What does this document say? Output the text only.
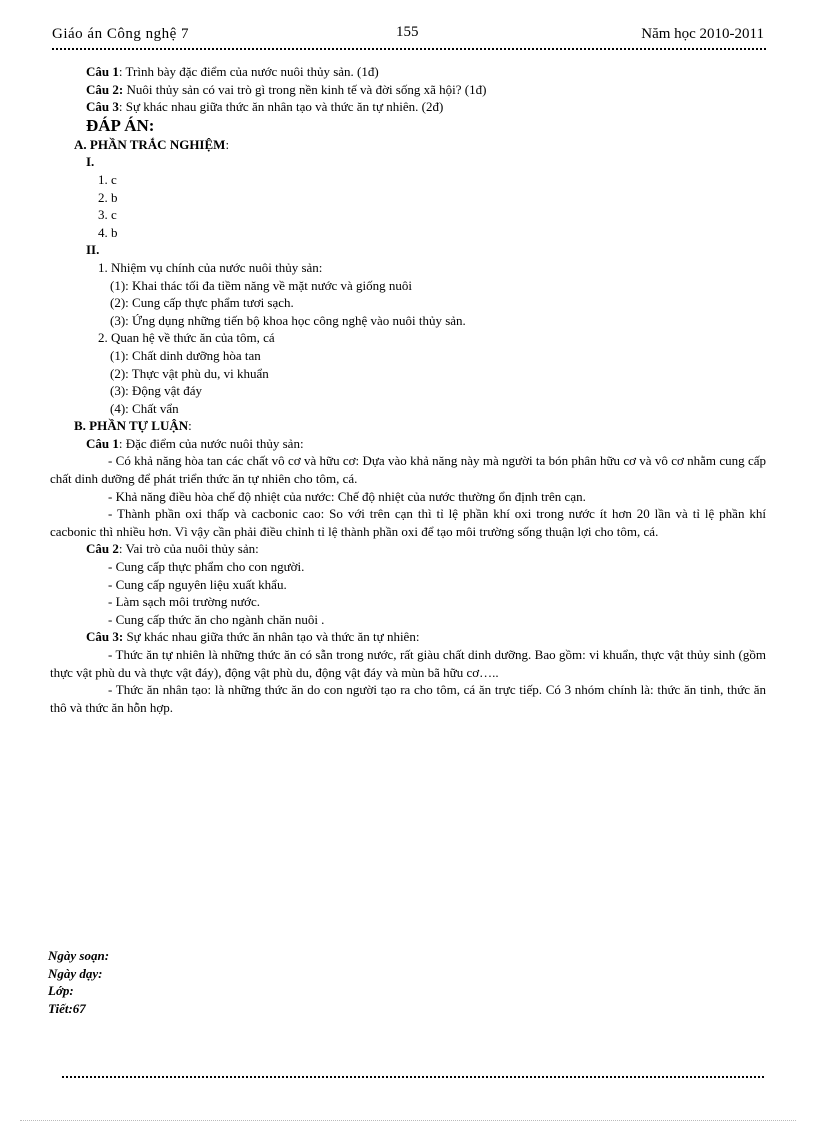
Giáo án Công nghệ 7	155	Năm học 2010-2011

Câu 1: Trình bày đặc điểm của nước nuôi thủy sản. (1đ)

Câu 2: Nuôi thủy sản có vai trò gì trong nền kinh tế và đời sống xã hội? (1đ)

Câu 3: Sự khác nhau giữa thức ăn nhân tạo và thức ăn tự nhiên. (2đ)

ĐÁP ÁN:

A. PHẦN TRẮC NGHIỆM:

I.

1. c

2. b

3. c

4. b

II.

1. Nhiệm vụ chính của nước nuôi thủy sản:

(1): Khai thác tối đa tiềm năng về mặt nước và giống nuôi

(2): Cung cấp thực phẩm tươi sạch.

(3): Ứng dụng những tiến bộ khoa học công nghệ vào nuôi thủy sản.

2. Quan hệ về thức ăn của tôm, cá

(1): Chất dinh dưỡng hòa tan

(2): Thực vật phù du, vi khuẩn

(3): Động vật đáy

(4): Chất vẩn

B. PHẦN TỰ LUẬN:

Câu 1: Đặc điểm của nước nuôi thủy sản:

- Có khả năng hòa tan các chất vô cơ và hữu cơ: Dựa vào khả năng này mà người ta bón phân hữu cơ và vô cơ nhằm cung cấp chất dinh dưỡng để phát triển thức ăn tự nhiên cho tôm, cá.

- Khả năng điều hòa chế độ nhiệt của nước: Chế độ nhiệt của nước thường ổn định trên cạn.

- Thành phần oxi thấp và cacbonic cao: So với trên cạn thì tỉ lệ phần khí oxi trong nước ít hơn 20 lần và tỉ lệ phần khí cacbonic thì nhiều hơn. Vì vậy cần phải điều chỉnh tỉ lệ thành phần oxi để tạo môi trường sống thuận lợi cho tôm, cá.

Câu 2: Vai trò của nuôi thủy sản:

- Cung cấp thực phẩm cho con người.

- Cung cấp nguyên liệu xuất khẩu.

- Làm sạch môi trường nước.

- Cung cấp thức ăn cho ngành chăn nuôi .

Câu 3: Sự khác nhau giữa thức ăn nhân tạo và thức ăn tự nhiên:

- Thức ăn tự nhiên là những thức ăn có sẵn trong nước, rất giàu chất dinh dưỡng. Bao gồm: vi khuẩn, thực vật thủy sinh (gồm thực vật phù du và thực vật đáy), động vật phù du, động vật đáy và mùn bã hữu cơ…..

- Thức ăn nhân tạo: là những thức ăn do con người tạo ra cho tôm, cá ăn trực tiếp. Có 3 nhóm chính là: thức ăn tinh, thức ăn thô và thức ăn hỗn hợp.

Ngày soạn:
Ngày dạy:
Lớp:
Tiết:67
